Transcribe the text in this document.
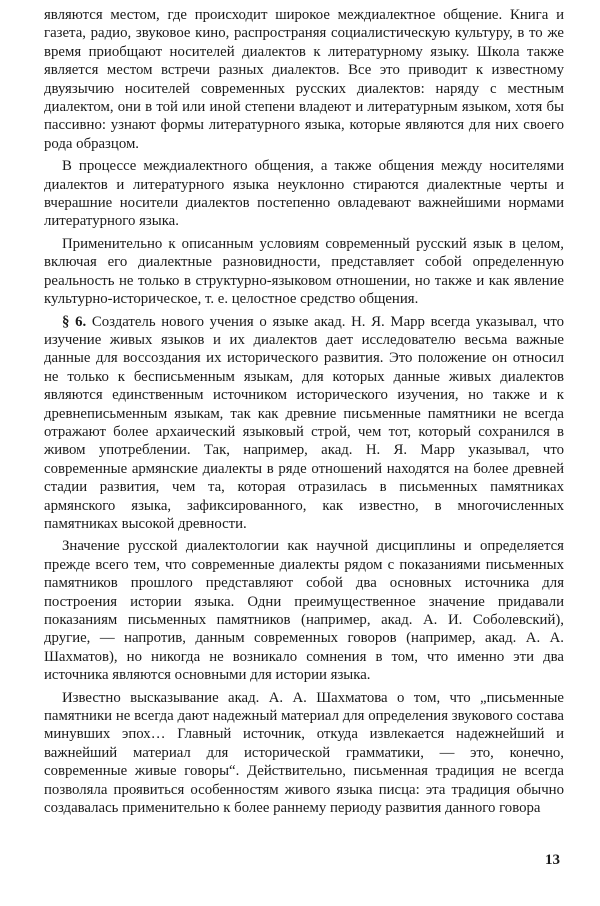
являются местом, где происходит широкое междиалектное общение. Книга и газета, радио, звуковое кино, распространяя социалистическую культуру, в то же время приобщают носителей диалектов к литературному языку. Школа также является местом встречи разных диалектов. Все это приводит к известному двуязычию носителей современных русских диалектов: наряду с местным диалектом, они в той или иной степени владеют и литературным языком, хотя бы пассивно: узнают формы литературного языка, которые являются для них своего рода образцом.

В процессе междиалектного общения, а также общения между носителями диалектов и литературного языка неуклонно стираются диалектные черты и вчерашние носители диалектов постепенно овладевают важнейшими нормами литературного языка.

Применительно к описанным условиям современный русский язык в целом, включая его диалектные разновидности, представляет собой определенную реальность не только в структурно-языковом отношении, но также и как явление культурно-историческое, т. е. целостное средство общения.

§ 6. Создатель нового учения о языке акад. Н. Я. Марр всегда указывал, что изучение живых языков и их диалектов дает исследователю весьма важные данные для воссоздания их исторического развития. Это положение он относил не только к бесписьменным языкам, для которых данные живых диалектов являются единственным источником исторического изучения, но также и к древнеписьменным языкам, так как древние письменные памятники не всегда отражают более архаический языковый строй, чем тот, который сохранился в живом употреблении. Так, например, акад. Н. Я. Марр указывал, что современные армянские диалекты в ряде отношений находятся на более древней стадии развития, чем та, которая отразилась в письменных памятниках армянского языка, зафиксированного, как известно, в многочисленных памятниках высокой древности.

Значение русской диалектологии как научной дисциплины и определяется прежде всего тем, что современные диалекты рядом с показаниями письменных памятников прошлого представляют собой два основных источника для построения истории языка. Одни преимущественное значение придавали показаниям письменных памятников (например, акад. А. И. Соболевский), другие, — напротив, данным современных говоров (например, акад. А. А. Шахматов), но никогда не возникало сомнения в том, что именно эти два источника являются основными для истории языка.

Известно высказывание акад. А. А. Шахматова о том, что „письменные памятники не всегда дают надежный материал для определения звукового состава минувших эпох… Главный источник, откуда извлекается надежнейший и важнейший материал для исторической грамматики, — это, конечно, современные живые говоры“. Действительно, письменная традиция не всегда позволяла проявиться особенностям живого языка писца: эта традиция обычно создавалась применительно к более раннему периоду развития данного говора

13
